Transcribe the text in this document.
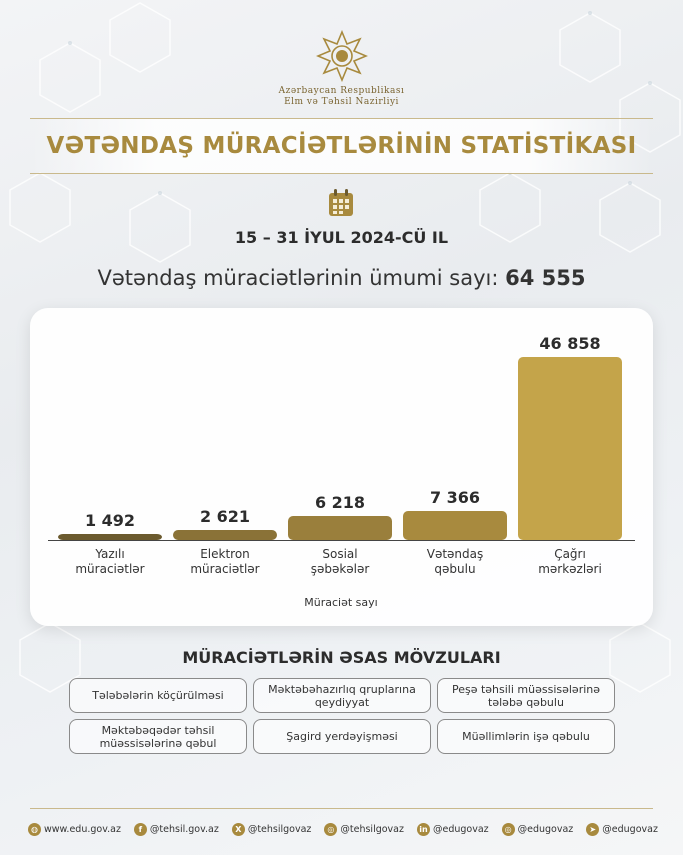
Azərbaycan Respublikası
Elm və Təhsil Nazirliyi
VƏTƏNDAŞ MÜRACİƏTLƏRİNİN STATİSTİKASI
15 – 31 İYUL 2024-CÜ IL
Vətəndaş müraciətlərinin ümumi sayı: 64 555
1 492
Yazılı
müraciətlər
2 621
Elektron
müraciətlər
6 218
Sosial
şəbəkələr
7 366
Vətəndaş
qəbulu
46 858
Çağrı
mərkəzləri
Müraciət sayı
MÜRACİƏTLƏRİN ƏSAS MÖVZULARI
Tələbələrin köçürülməsi	Məktəbəhazırlıq qruplarına qeydiyyat
Peşə təhsili müəssisələrinə tələbə qəbulu
Məktəbəqədər təhsil müəssisələrinə qəbul	Şagird yerdəyişməsi	Müəllimlərin işə qəbulu
◍ www.edu.gov.az	f @tehsil.gov.az	X @tehsilgovaz	◎ @tehsilgovaz in @edugovaz	◎ @edugovaz	➤ @edugovaz
